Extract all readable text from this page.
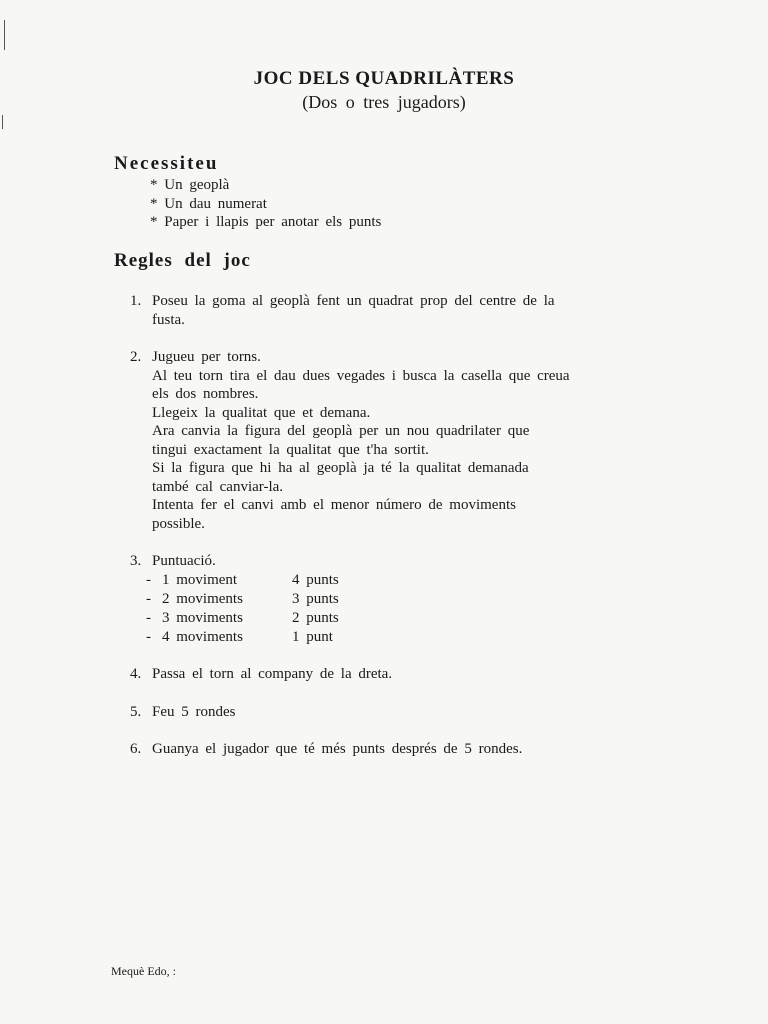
JOC DELS QUADRILÀTERS
(Dos o tres jugadors)
Necessiteu
* Un geoplà
* Un dau numerat
* Paper i llapis per anotar els punts
Regles del joc
1. Poseu la goma al geoplà fent un quadrat prop del centre de la
fusta.
2. Jugueu per torns.
Al teu torn tira el dau dues vegades i busca la casella que creua
els dos nombres.
Llegeix la qualitat que et demana.
Ara canvia la figura del geoplà per un nou quadrilater que
tingui exactament la qualitat que t'ha sortit.
Si la figura que hi ha al geoplà ja té la qualitat demanada
també cal canviar-la.
Intenta fer el canvi amb el menor número de moviments
possible.
3. Puntuació.
- 1 moviment	4 punts
- 2 moviments	3 punts
- 3 moviments	2 punts
- 4 moviments	1 punt
4. Passa el torn al company de la dreta.
5. Feu 5 rondes
6. Guanya el jugador que té més punts després de 5 rondes.
Mequè Edo, :
